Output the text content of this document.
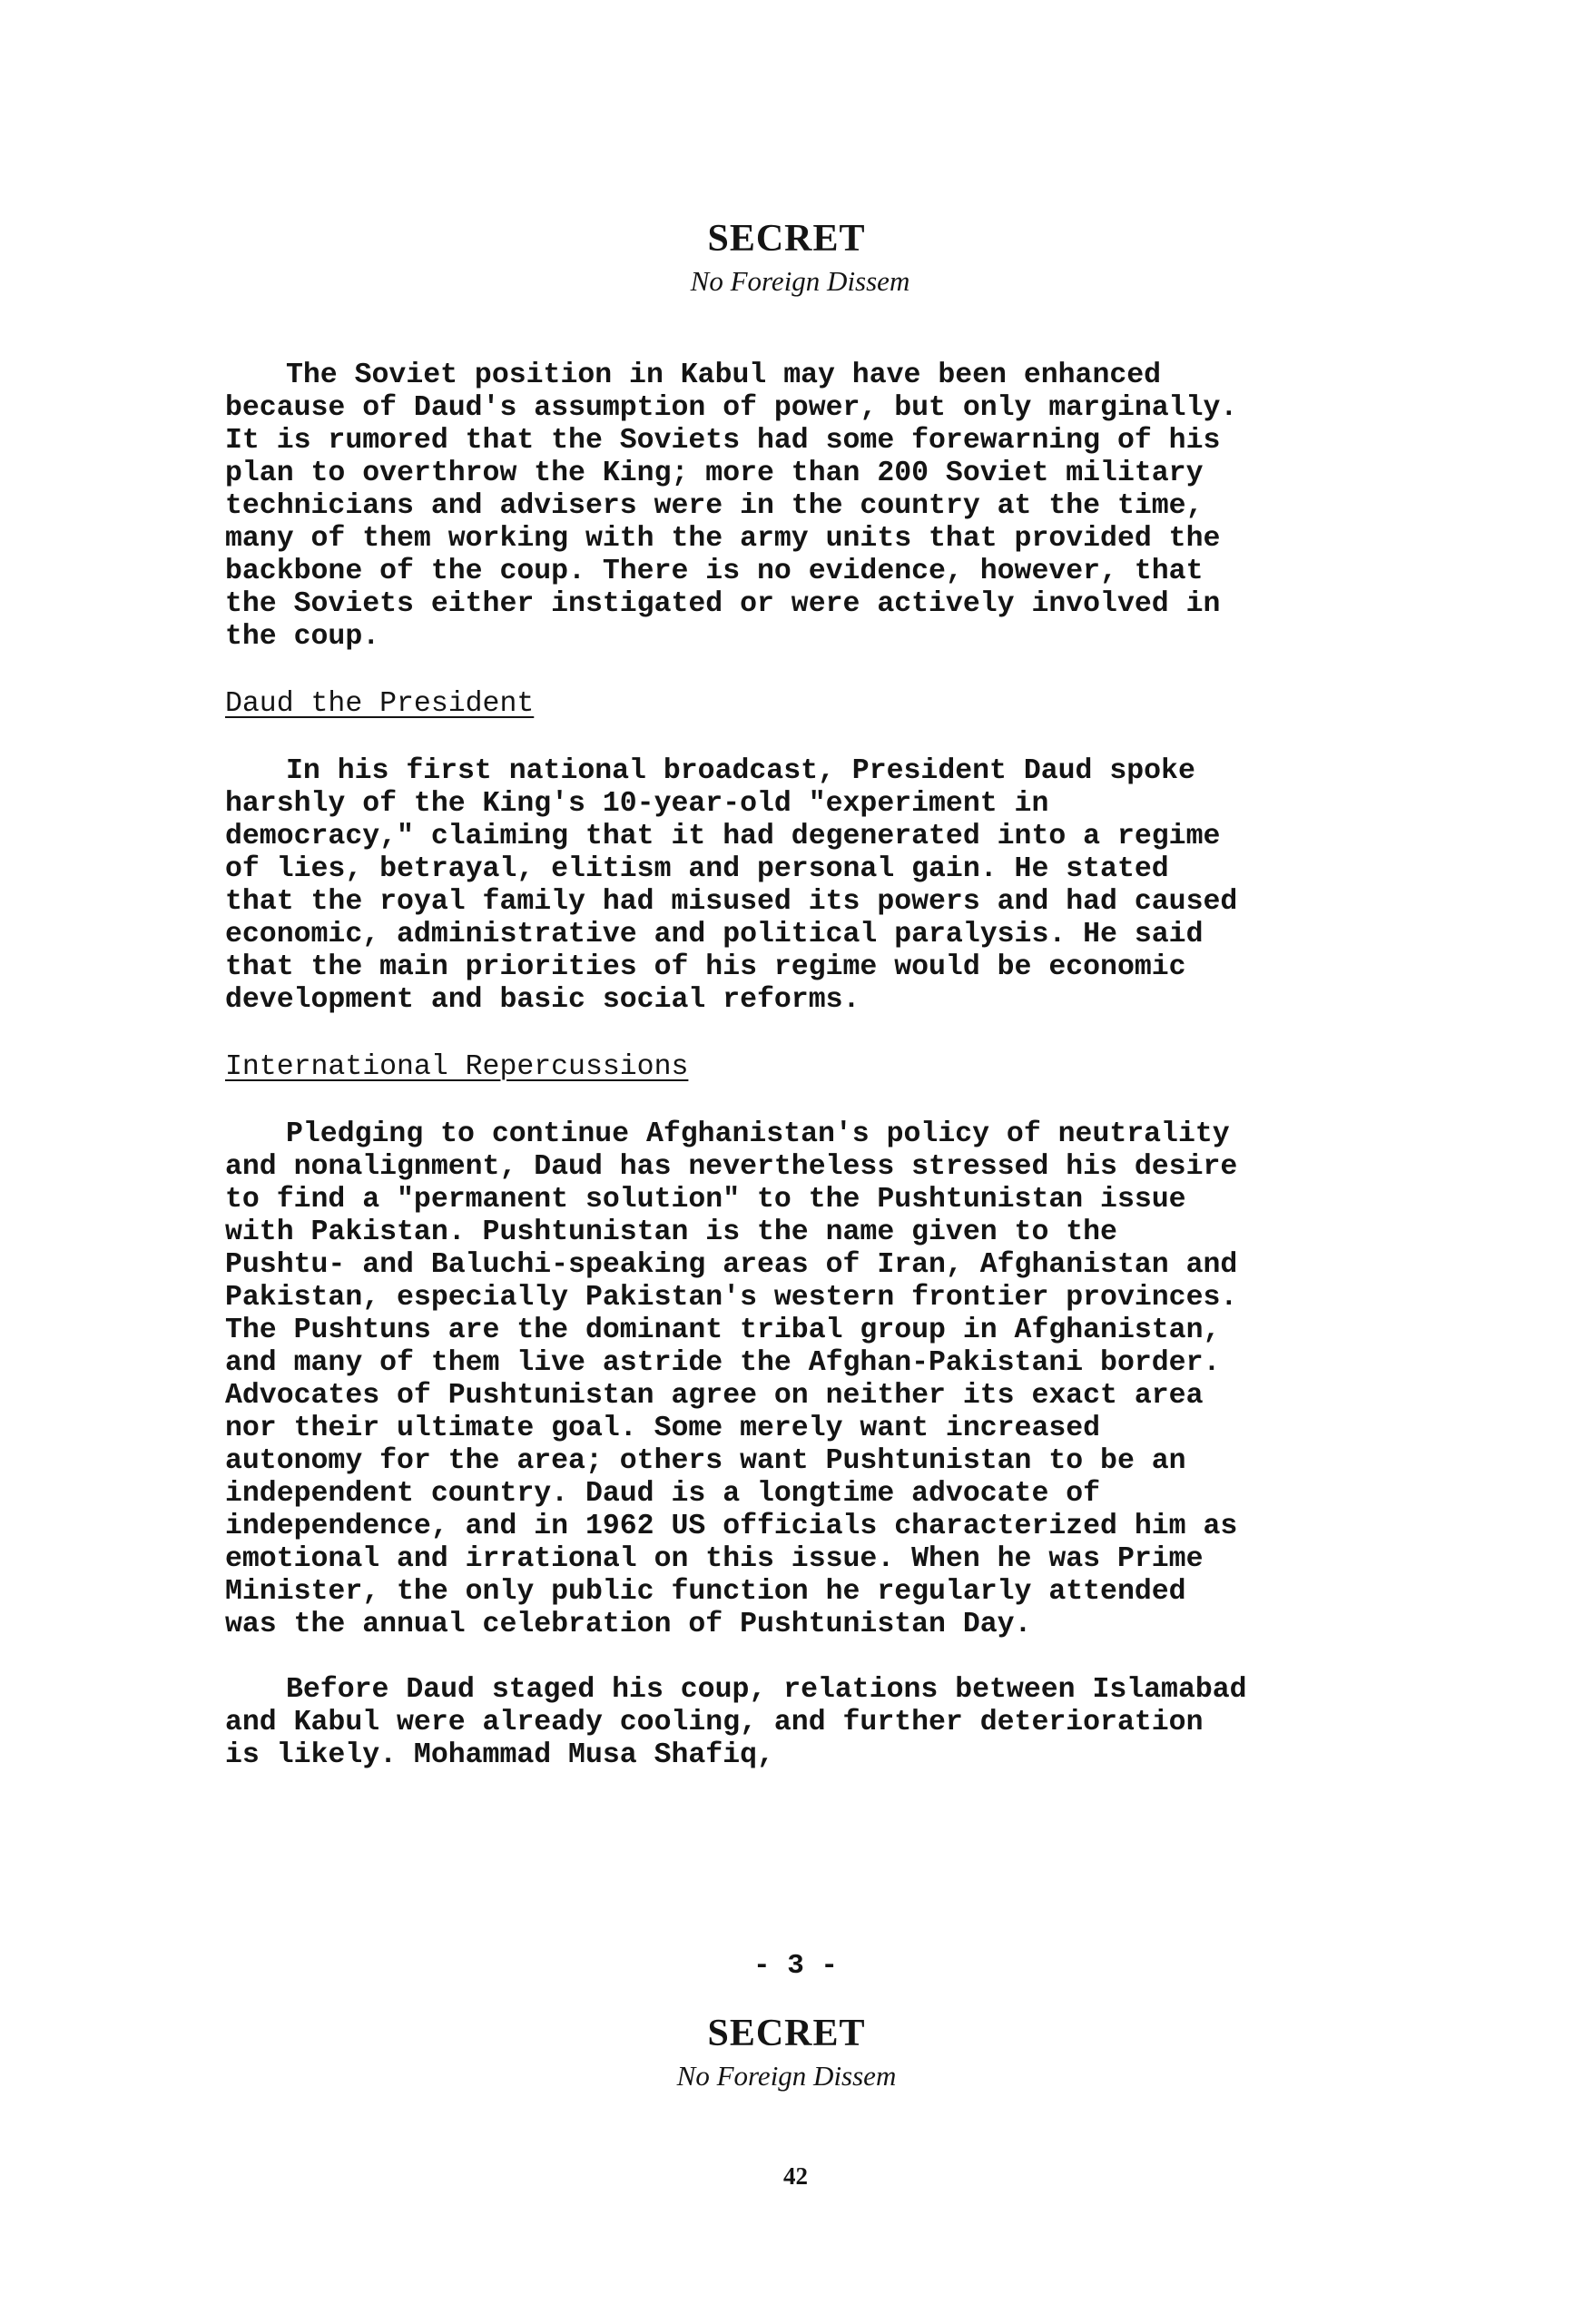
SECRET
No Foreign Dissem

The Soviet position in Kabul may have been enhanced because of Daud's assumption of power, but only marginally. It is rumored that the Soviets had some forewarning of his plan to overthrow the King; more than 200 Soviet military technicians and advisers were in the country at the time, many of them working with the army units that provided the backbone of the coup. There is no evidence, however, that the Soviets either instigated or were actively involved in the coup.

Daud the President

In his first national broadcast, President Daud spoke harshly of the King's 10-year-old "experiment in democracy," claiming that it had degenerated into a regime of lies, betrayal, elitism and personal gain. He stated that the royal family had misused its powers and had caused economic, administrative and political paralysis. He said that the main priorities of his regime would be economic development and basic social reforms.

International Repercussions

Pledging to continue Afghanistan's policy of neutrality and nonalignment, Daud has nevertheless stressed his desire to find a "permanent solution" to the Pushtunistan issue with Pakistan. Pushtunistan is the name given to the Pushtu- and Baluchi-speaking areas of Iran, Afghanistan and Pakistan, especially Pakistan's western frontier provinces. The Pushtuns are the dominant tribal group in Afghanistan, and many of them live astride the Afghan-Pakistani border. Advocates of Pushtunistan agree on neither its exact area nor their ultimate goal. Some merely want increased autonomy for the area; others want Pushtunistan to be an independent country. Daud is a longtime advocate of independence, and in 1962 US officials characterized him as emotional and irrational on this issue. When he was Prime Minister, the only public function he regularly attended was the annual celebration of Pushtunistan Day.

Before Daud staged his coup, relations between Islamabad and Kabul were already cooling, and further deterioration is likely. Mohammad Musa Shafiq,

- 3 -
SECRET
No Foreign Dissem
42
